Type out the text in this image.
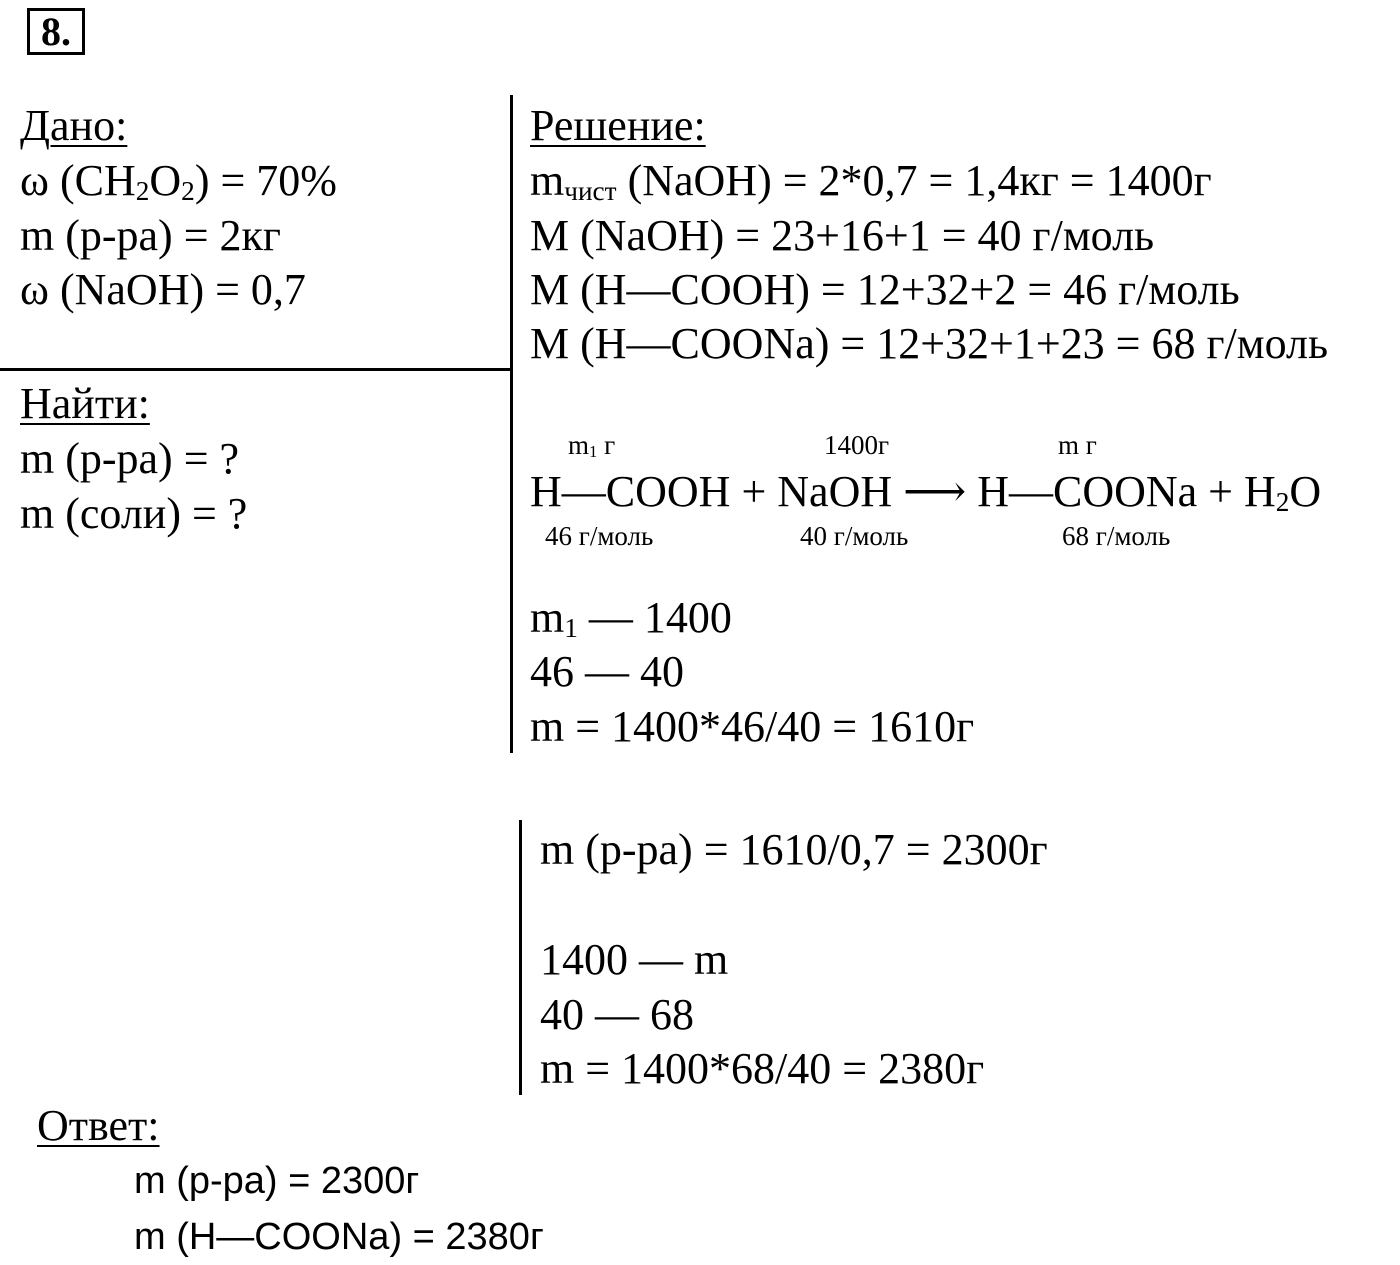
8.
Дано:
ω $(CH_2O_2) = 70\%$
m (р-ра) = 2кг
ω (NaOH) = 0,7
Найти:
m (р-ра) = ?
m (соли) = ?
Решение:
$m_{чист}$ (NaOH) = 2*0,7 = 1,4кг = 1400г
M (NaOH) = 23+16+1 = 40 г/моль
M (H—COOH) = 12+32+2 = 46 г/моль
M (H—COONa) = 12+32+1+23 = 68 г/моль
$m_1$ г	1400г	m г
H—COOH + NaOH ⟶ H—COONa + $H_2O$
46 г/моль	40 г/моль	68 г/моль
$m_1$ — 1400
46 — 40
m = 1400*46/40 = 1610г
m (р-ра) = 1610/0,7 = 2300г
1400 — m
40 — 68
m = 1400*68/40 = 2380г
Ответ:
m (р-ра) = 2300г
m (H—COONa) = 2380г
